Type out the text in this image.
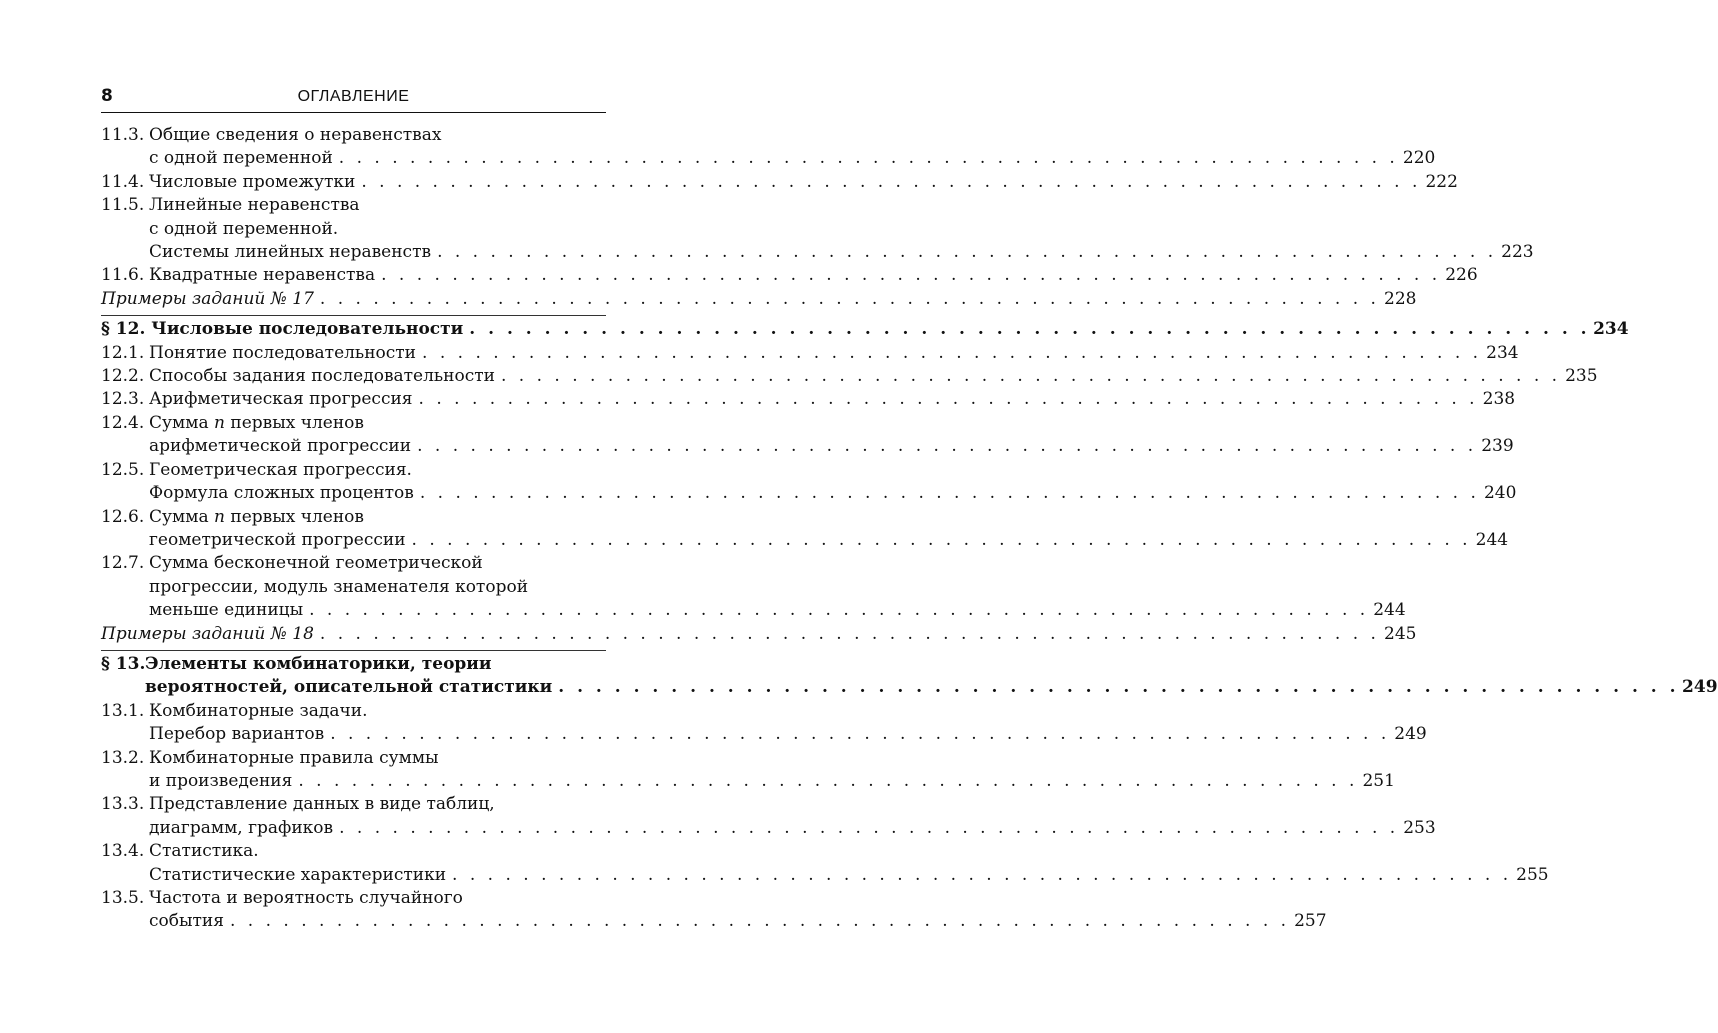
8	ОГЛАВЛЕНИЕ
11.3. Общие сведения о неравенствах
с одной переменной . . . . . . . . . . . . . . . . . . . . . . . . . . . . . . . . . . . . . . . . . . . . . . . . . . . . . . . . . . . . 220
11.4. Числовые промежутки . . . . . . . . . . . . . . . . . . . . . . . . . . . . . . . . . . . . . . . . . . . . . . . . . . . . . . . . . . . . 222
11.5. Линейные неравенства
с одной переменной.
Системы линейных неравенств . . . . . . . . . . . . . . . . . . . . . . . . . . . . . . . . . . . . . . . . . . . . . . . . . . . . . . . . . . . . 223
11.6. Квадратные неравенства . . . . . . . . . . . . . . . . . . . . . . . . . . . . . . . . . . . . . . . . . . . . . . . . . . . . . . . . . . . . 226
Примеры заданий № 17 . . . . . . . . . . . . . . . . . . . . . . . . . . . . . . . . . . . . . . . . . . . . . . . . . . . . . . . . . . . . 228
§ 12. Числовые последовательности . . . . . . . . . . . . . . . . . . . . . . . . . . . . . . . . . . . . . . . . . . . . . . . . . . . . . . . . . . . . 234
12.1. Понятие последовательности . . . . . . . . . . . . . . . . . . . . . . . . . . . . . . . . . . . . . . . . . . . . . . . . . . . . . . . . . . . . 234
12.2. Способы задания последовательности . . . . . . . . . . . . . . . . . . . . . . . . . . . . . . . . . . . . . . . . . . . . . . . . . . . . . . . . . . . . 235
12.3. Арифметическая прогрессия . . . . . . . . . . . . . . . . . . . . . . . . . . . . . . . . . . . . . . . . . . . . . . . . . . . . . . . . . . . . 238
12.4. Сумма n первых членов
арифметической прогрессии . . . . . . . . . . . . . . . . . . . . . . . . . . . . . . . . . . . . . . . . . . . . . . . . . . . . . . . . . . . . 239
12.5. Геометрическая прогрессия.
Формула сложных процентов . . . . . . . . . . . . . . . . . . . . . . . . . . . . . . . . . . . . . . . . . . . . . . . . . . . . . . . . . . . . 240
12.6. Сумма n первых членов
геометрической прогрессии . . . . . . . . . . . . . . . . . . . . . . . . . . . . . . . . . . . . . . . . . . . . . . . . . . . . . . . . . . . . 244
12.7. Сумма бесконечной геометрической
прогрессии, модуль знаменателя которой
меньше единицы . . . . . . . . . . . . . . . . . . . . . . . . . . . . . . . . . . . . . . . . . . . . . . . . . . . . . . . . . . . . 244
Примеры заданий № 18 . . . . . . . . . . . . . . . . . . . . . . . . . . . . . . . . . . . . . . . . . . . . . . . . . . . . . . . . . . . . 245
§ 13. Элементы комбинаторики, теории
вероятностей, описательной статистики . . . . . . . . . . . . . . . . . . . . . . . . . . . . . . . . . . . . . . . . . . . . . . . . . . . . . . . . . . . . 249
13.1. Комбинаторные задачи.
Перебор вариантов . . . . . . . . . . . . . . . . . . . . . . . . . . . . . . . . . . . . . . . . . . . . . . . . . . . . . . . . . . . . 249
13.2. Комбинаторные правила суммы
и произведения . . . . . . . . . . . . . . . . . . . . . . . . . . . . . . . . . . . . . . . . . . . . . . . . . . . . . . . . . . . . 251
13.3. Представление данных в виде таблиц,
диаграмм, графиков . . . . . . . . . . . . . . . . . . . . . . . . . . . . . . . . . . . . . . . . . . . . . . . . . . . . . . . . . . . . 253
13.4. Статистика.
Статистические характеристики . . . . . . . . . . . . . . . . . . . . . . . . . . . . . . . . . . . . . . . . . . . . . . . . . . . . . . . . . . . . 255
13.5. Частота и вероятность случайного
события . . . . . . . . . . . . . . . . . . . . . . . . . . . . . . . . . . . . . . . . . . . . . . . . . . . . . . . . . . . . 257
